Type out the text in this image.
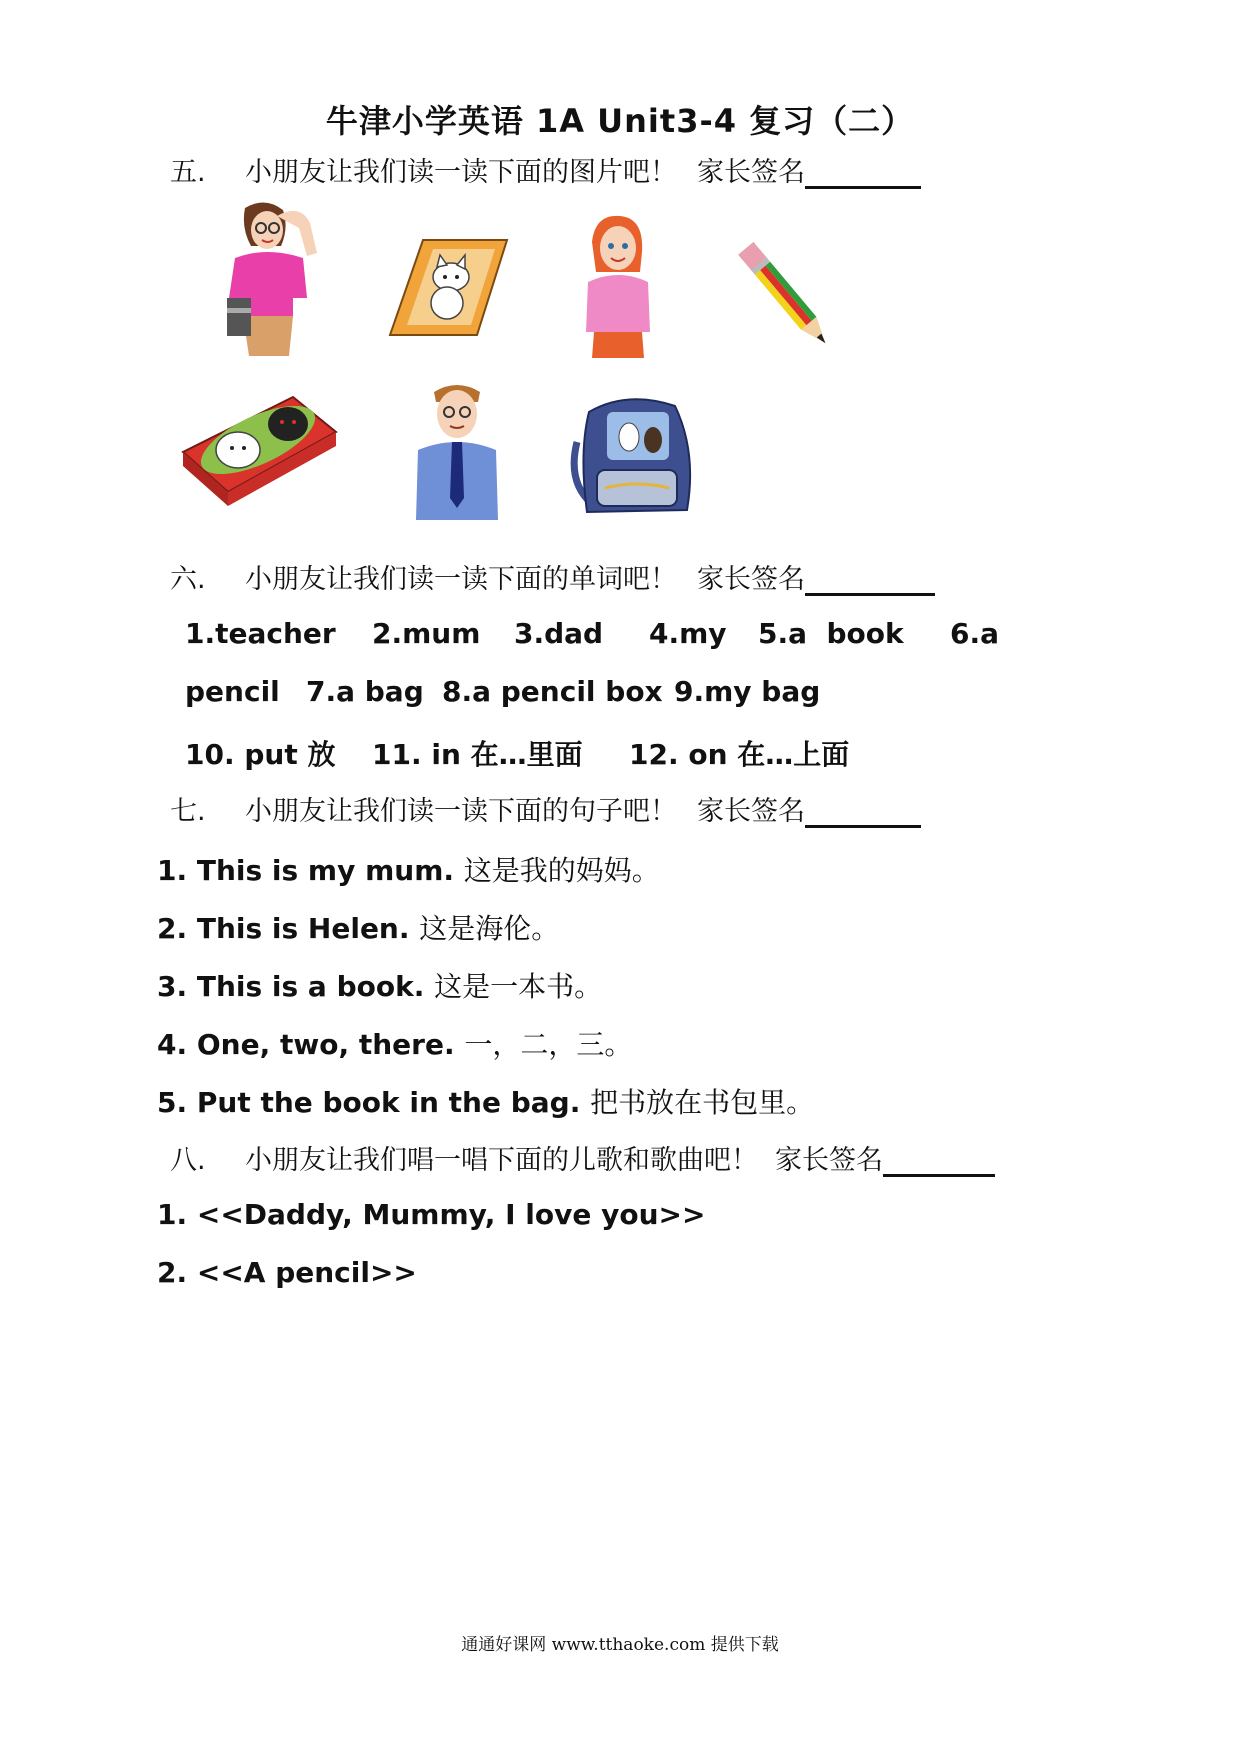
牛津小学英语 1A Unit3-4 复习（二）
五. 小朋友让我们读一读下面的图片吧！ 家长签名
六. 小朋友让我们读一读下面的单词吧！ 家长签名
1.teacher 2.mum 3.dad 4.my 5.a  book 6.a
pencil 7.a bag 8.a pencil box 9.my bag
10. put 放 11. in 在…里面 12. on 在…上面
七. 小朋友让我们读一读下面的句子吧！ 家长签名
1. This is my mum. 这是我的妈妈。
2. This is Helen. 这是海伦。
3. This is a book. 这是一本书。
4. One, two, there. 一，二，三。
5. Put the book in the bag. 把书放在书包里。
八. 小朋友让我们唱一唱下面的儿歌和歌曲吧！ 家长签名
1. <<Daddy, Mummy, I love you>>
2. <<A pencil>>
通通好课网 www.tthaoke.com 提供下载
